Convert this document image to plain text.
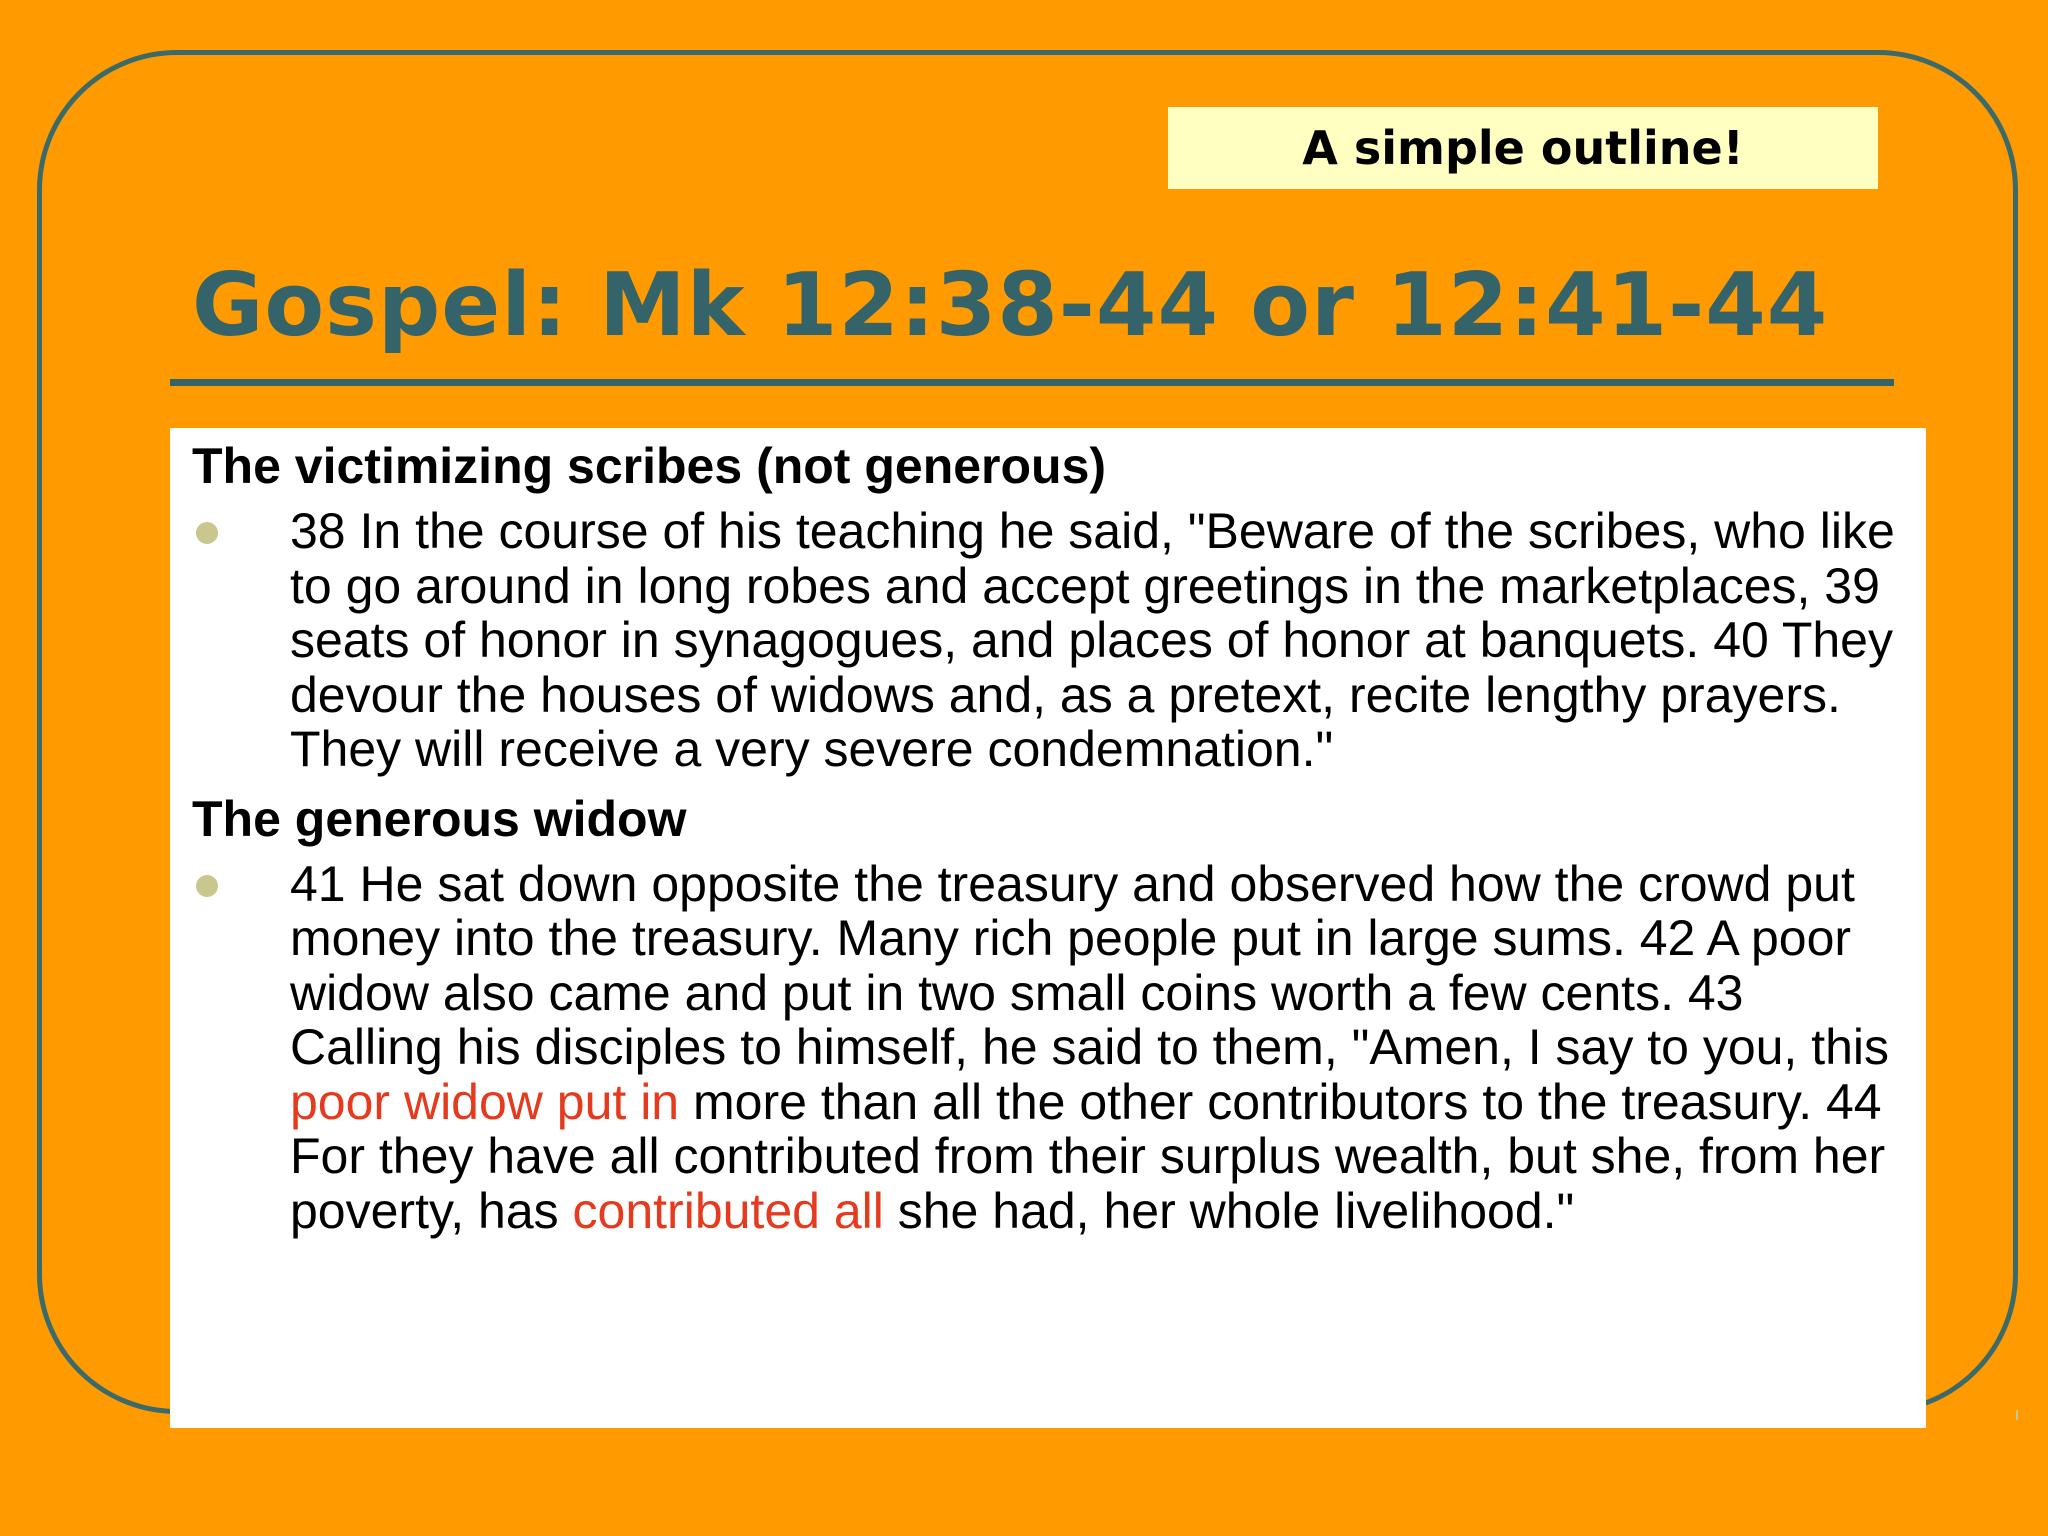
A simple outline!
Gospel: Mk 12:38-44 or 12:41-44

The victimizing scribes (not generous)

38 In the course of his teaching he said, "Beware of the scribes, who like to go around in long robes and accept greetings in the marketplaces, 39 seats of honor in synagogues, and places of honor at banquets. 40 They devour the houses of widows and, as a pretext, recite lengthy prayers. They will receive a very severe condemnation."

The generous widow

41 He sat down opposite the treasury and observed how the crowd put money into the treasury. Many rich people put in large sums. 42 A poor widow also came and put in two small coins worth a few cents. 43 Calling his disciples to himself, he said to them, "Amen, I say to you, this poor widow put in more than all the other contributors to the treasury. 44 For they have all contributed from their surplus wealth, but she, from her poverty, has contributed all she had, her whole livelihood."
